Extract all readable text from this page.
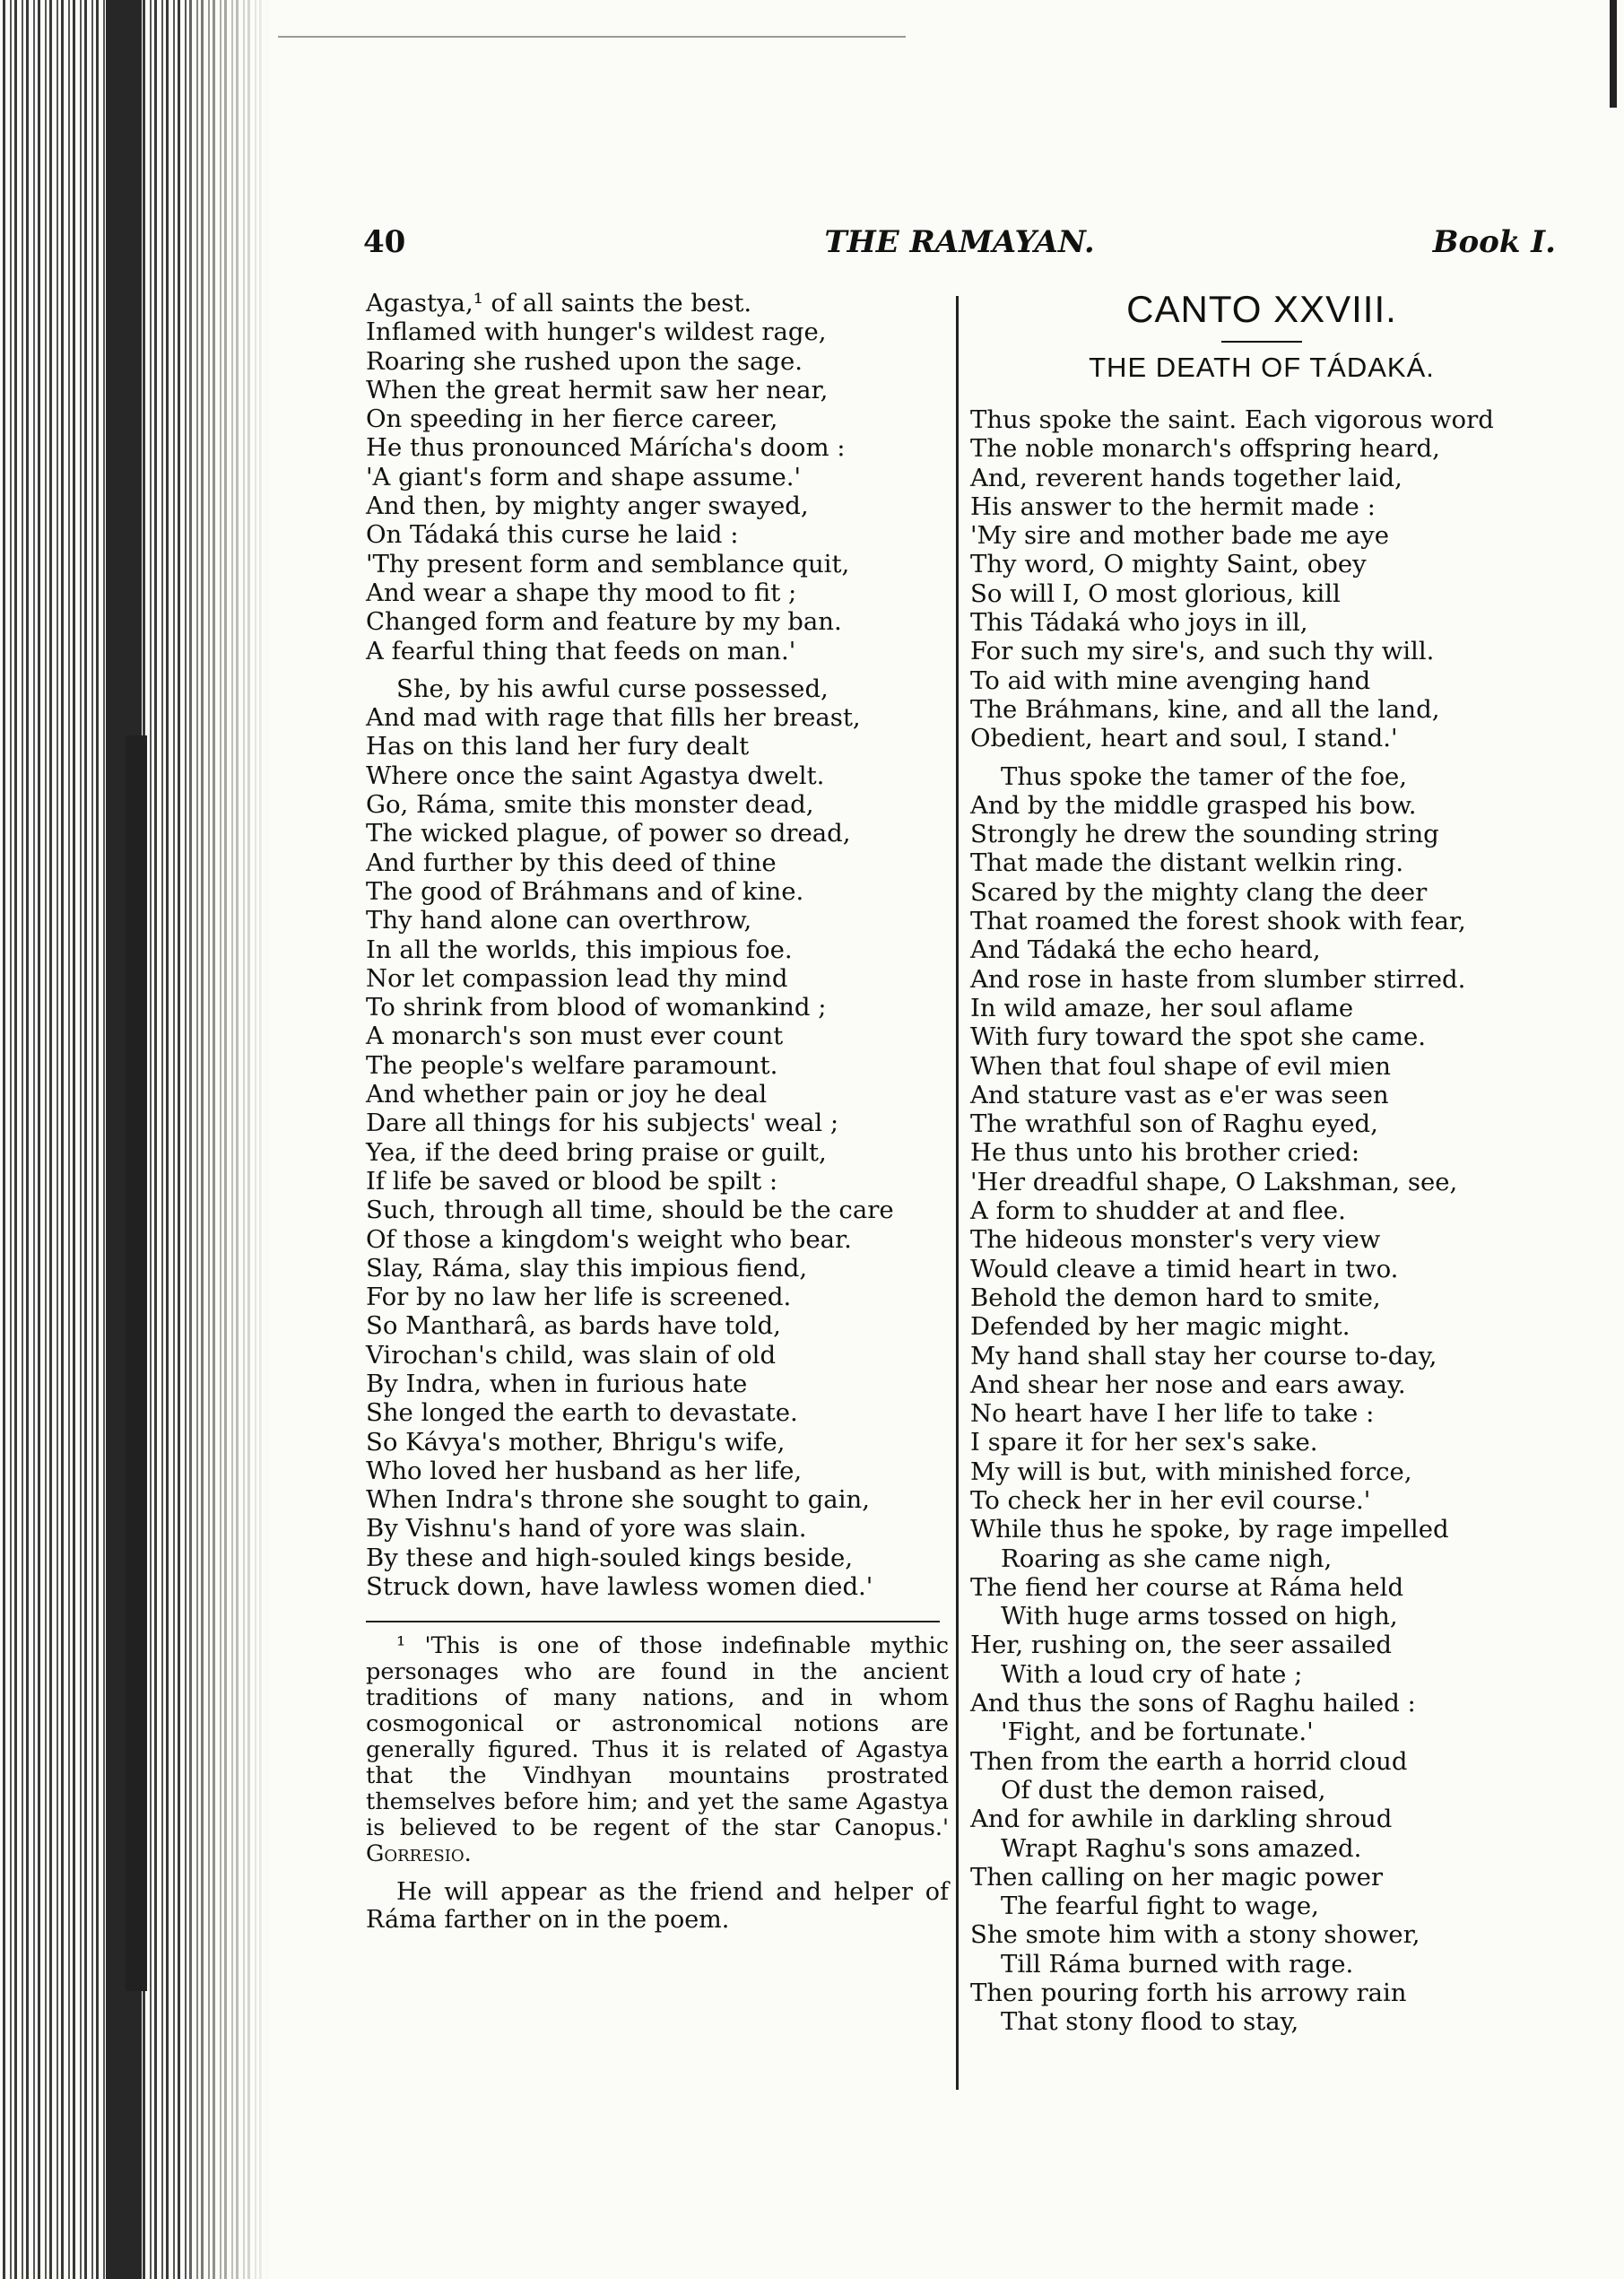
40	THE RAMAYAN.	Book I.
Agastya,¹ of all saints the best.
Inflamed with hunger's wildest rage,
Roaring she rushed upon the sage.
When the great hermit saw her near,
On speeding in her fierce career,
He thus pronounced Márícha's doom :
'A giant's form and shape assume.'
And then, by mighty anger swayed,
On Tádaká this curse he laid :
'Thy present form and semblance quit,
And wear a shape thy mood to fit ;
Changed form and feature by my ban.
A fearful thing that feeds on man.'
She, by his awful curse possessed,
And mad with rage that fills her breast,
Has on this land her fury dealt
Where once the saint Agastya dwelt.
Go, Ráma, smite this monster dead,
The wicked plague, of power so dread,
And further by this deed of thine
The good of Bráhmans and of kine.
Thy hand alone can overthrow,
In all the worlds, this impious foe.
Nor let compassion lead thy mind
To shrink from blood of womankind ;
A monarch's son must ever count
The people's welfare paramount.
And whether pain or joy he deal
Dare all things for his subjects' weal ;
Yea, if the deed bring praise or guilt,
If life be saved or blood be spilt :
Such, through all time, should be the care
Of those a kingdom's weight who bear.
Slay, Ráma, slay this impious fiend,
For by no law her life is screened.
So Mantharâ, as bards have told,
Virochan's child, was slain of old
By Indra, when in furious hate
She longed the earth to devastate.
So Kávya's mother, Bhrigu's wife,
Who loved her husband as her life,
When Indra's throne she sought to gain,
By Vishnu's hand of yore was slain.
By these and high-souled kings beside,
Struck down, have lawless women died.'
¹ 'This is one of those indefinable mythic personages who are found in the ancient traditions of many nations, and in whom cosmogonical or astronomical notions are generally figured. Thus it is related of Agastya that the Vindhyan mountains prostrated themselves before him; and yet the same Agastya is believed to be regent of the star Canopus.' Gorresio.
He will appear as the friend and helper of Ráma farther on in the poem.
CANTO XXVIII.
THE DEATH OF TÁDAKÁ.
Thus spoke the saint. Each vigorous word
The noble monarch's offspring heard,
And, reverent hands together laid,
His answer to the hermit made :
'My sire and mother bade me aye
Thy word, O mighty Saint, obey
So will I, O most glorious, kill
This Tádaká who joys in ill,
For such my sire's, and such thy will.
To aid with mine avenging hand
The Bráhmans, kine, and all the land,
Obedient, heart and soul, I stand.'
Thus spoke the tamer of the foe,
And by the middle grasped his bow.
Strongly he drew the sounding string
That made the distant welkin ring.
Scared by the mighty clang the deer
That roamed the forest shook with fear,
And Tádaká the echo heard,
And rose in haste from slumber stirred.
In wild amaze, her soul aflame
With fury toward the spot she came.
When that foul shape of evil mien
And stature vast as e'er was seen
The wrathful son of Raghu eyed,
He thus unto his brother cried:
'Her dreadful shape, O Lakshman, see,
A form to shudder at and flee.
The hideous monster's very view
Would cleave a timid heart in two.
Behold the demon hard to smite,
Defended by her magic might.
My hand shall stay her course to-day,
And shear her nose and ears away.
No heart have I her life to take :
I spare it for her sex's sake.
My will is but, with minished force,
To check her in her evil course.'
While thus he spoke, by rage impelled
Roaring as she came nigh,
The fiend her course at Ráma held
With huge arms tossed on high,
Her, rushing on, the seer assailed
With a loud cry of hate ;
And thus the sons of Raghu hailed :
'Fight, and be fortunate.'
Then from the earth a horrid cloud
Of dust the demon raised,
And for awhile in darkling shroud
Wrapt Raghu's sons amazed.
Then calling on her magic power
The fearful fight to wage,
She smote him with a stony shower,
Till Ráma burned with rage.
Then pouring forth his arrowy rain
That stony flood to stay,
